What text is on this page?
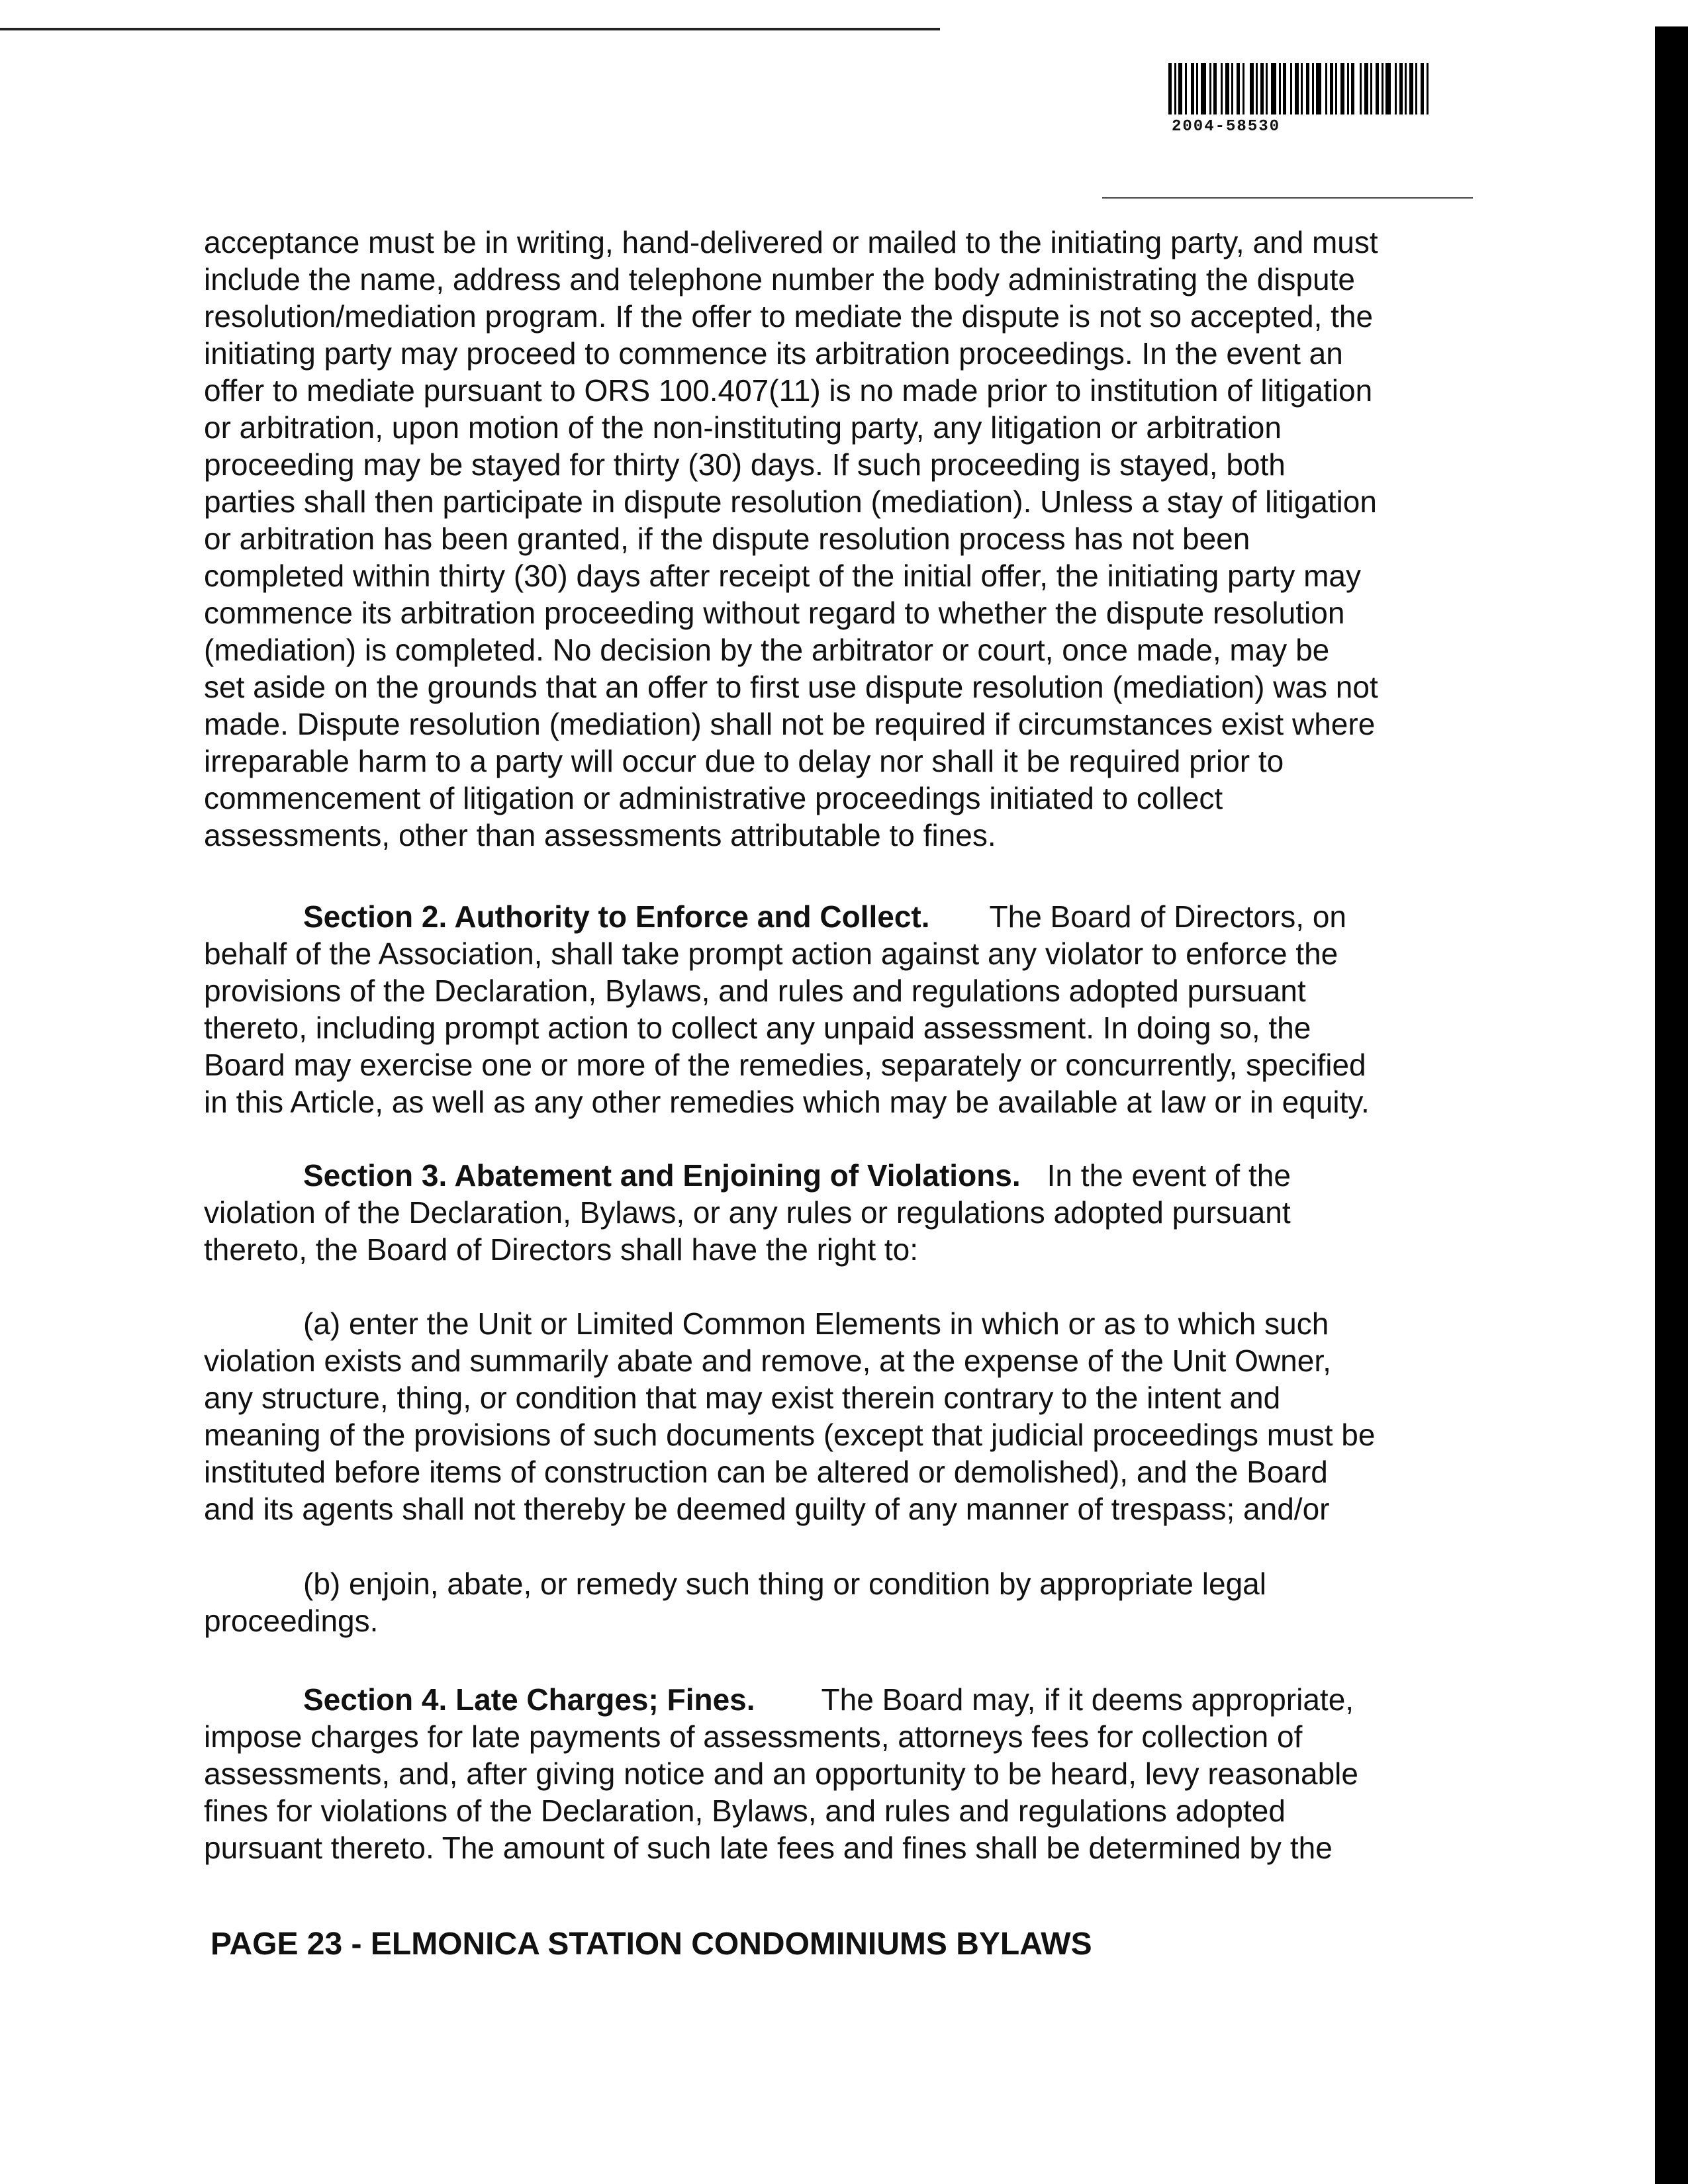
2004-58530

acceptance must be in writing, hand-delivered or mailed to the initiating party, and must
include the name, address and telephone number the body administrating the dispute
resolution/mediation program. If the offer to mediate the dispute is not so accepted, the
initiating party may proceed to commence its arbitration proceedings. In the event an
offer to mediate pursuant to ORS 100.407(11) is no made prior to institution of litigation
or arbitration, upon motion of the non-instituting party, any litigation or arbitration
proceeding may be stayed for thirty (30) days. If such proceeding is stayed, both
parties shall then participate in dispute resolution (mediation). Unless a stay of litigation
or arbitration has been granted, if the dispute resolution process has not been
completed within thirty (30) days after receipt of the initial offer, the initiating party may
commence its arbitration proceeding without regard to whether the dispute resolution
(mediation) is completed. No decision by the arbitrator or court, once made, may be
set aside on the grounds that an offer to first use dispute resolution (mediation) was not
made. Dispute resolution (mediation) shall not be required if circumstances exist where
irreparable harm to a party will occur due to delay nor shall it be required prior to
commencement of litigation or administrative proceedings initiated to collect
assessments, other than assessments attributable to fines.

Section 2. Authority to Enforce and Collect. The Board of Directors, on
behalf of the Association, shall take prompt action against any violator to enforce the
provisions of the Declaration, Bylaws, and rules and regulations adopted pursuant
thereto, including prompt action to collect any unpaid assessment. In doing so, the
Board may exercise one or more of the remedies, separately or concurrently, specified
in this Article, as well as any other remedies which may be available at law or in equity.

Section 3. Abatement and Enjoining of Violations. In the event of the
violation of the Declaration, Bylaws, or any rules or regulations adopted pursuant
thereto, the Board of Directors shall have the right to:

(a) enter the Unit or Limited Common Elements in which or as to which such
violation exists and summarily abate and remove, at the expense of the Unit Owner,
any structure, thing, or condition that may exist therein contrary to the intent and
meaning of the provisions of such documents (except that judicial proceedings must be
instituted before items of construction can be altered or demolished), and the Board
and its agents shall not thereby be deemed guilty of any manner of trespass; and/or

(b) enjoin, abate, or remedy such thing or condition by appropriate legal
proceedings.

Section 4. Late Charges; Fines. The Board may, if it deems appropriate,
impose charges for late payments of assessments, attorneys fees for collection of
assessments, and, after giving notice and an opportunity to be heard, levy reasonable
fines for violations of the Declaration, Bylaws, and rules and regulations adopted
pursuant thereto. The amount of such late fees and fines shall be determined by the

PAGE 23 - ELMONICA STATION CONDOMINIUMS BYLAWS
